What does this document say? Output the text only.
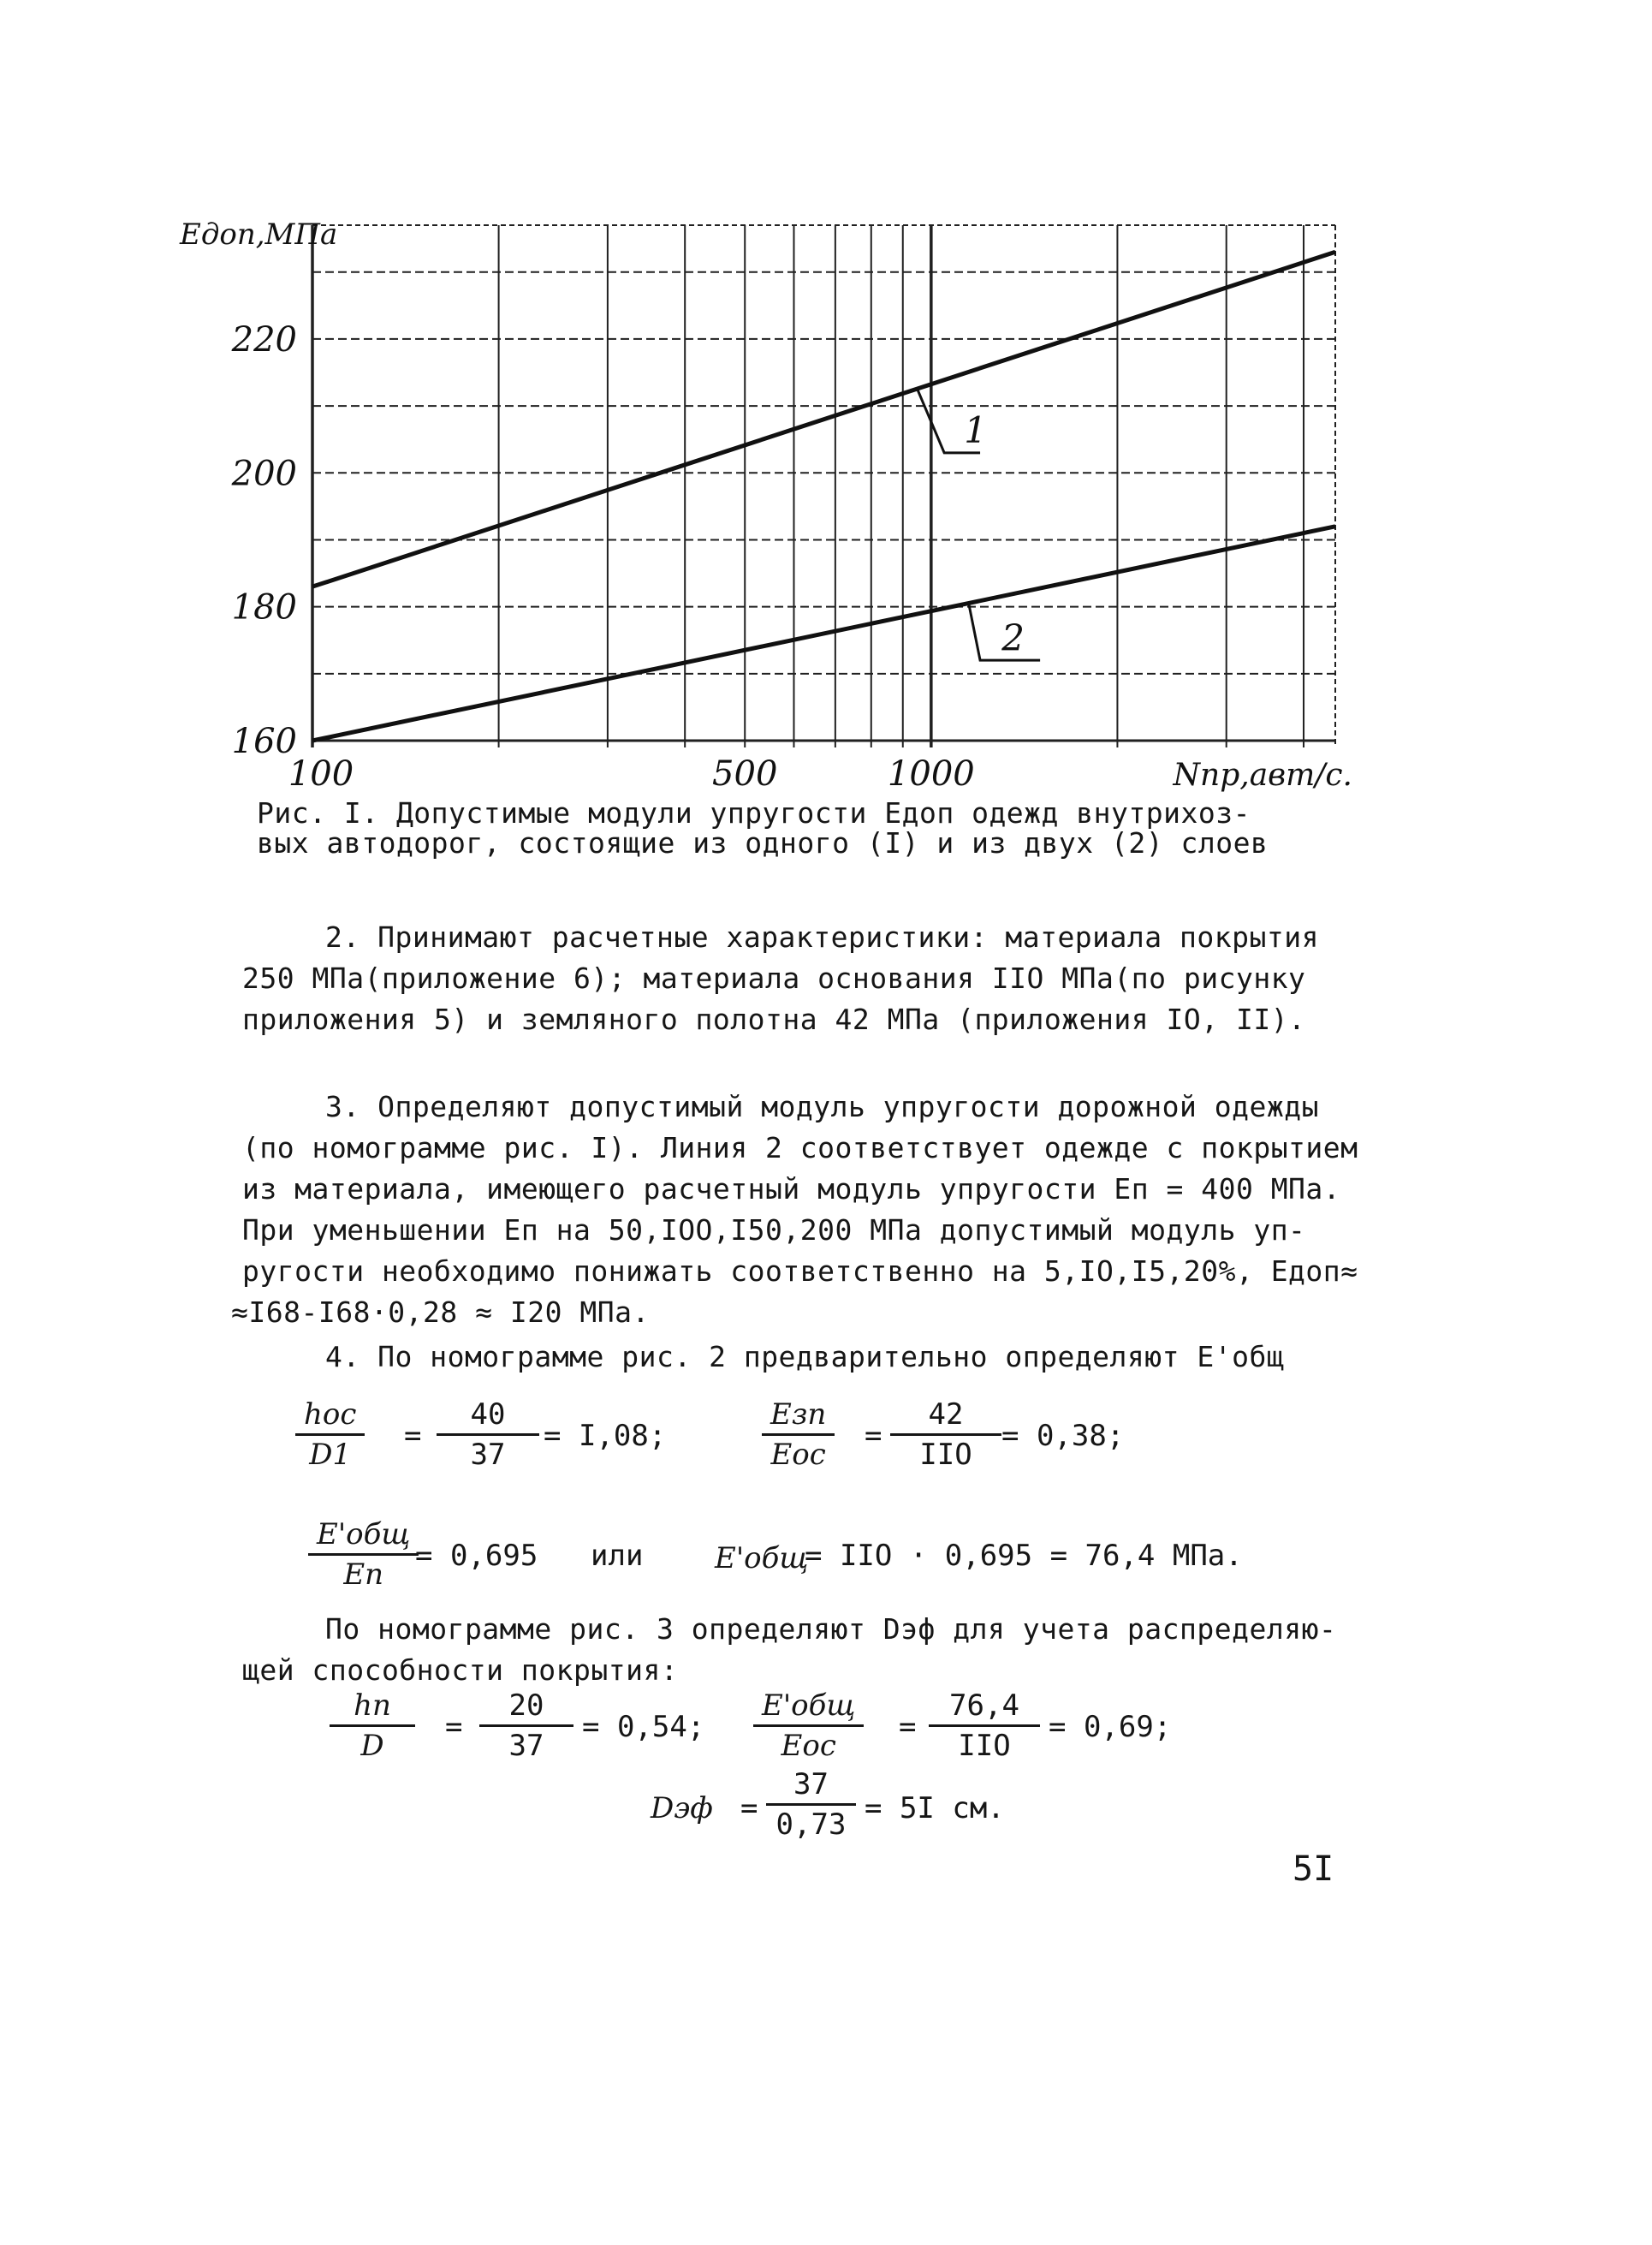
1
2
160
180
200
220
100	500	1000
Eдоп,МПа
Nпр,авт/с.
Рис. I. Допустимые модули упругости Eдоп одежд внутрихоз-
вых автодорог, состоящие из одного (I) и из двух (2) слоев
2. Принимают расчетные характеристики: материала покрытия
250 МПа(приложение 6); материала основания IIO МПа(по рисунку
приложения 5) и земляного полотна 42 МПа (приложения IO, II).
3. Определяют допустимый модуль упругости дорожной одежды
(по номограмме рис. I). Линия 2 соответствует одежде с покрытием
из материала, имеющего расчетный модуль упругости Eп = 400 МПа.
При уменьшении Eп на 50,IOO,I50,200 МПа допустимый модуль уп-
ругости необходимо понижать соответственно на 5,IO,I5,20%, Eдоп≈
≈I68-I68·0,28 ≈ I20 МПа.
4. По номограмме рис. 2 предварительно определяют E'общ
hос
D1
=
40
37
= I,08;
Eзп
Eос
=
42
IIO
= 0,38;
E'общ
Eп
= 0,695 или E'общ
= IIO · 0,695 = 76,4 МПа.
По номограмме рис. 3 определяют Dэф для учета распределяю-
щей способности покрытия:
hп
D
=
20
37
= 0,54;
E'общ
Eос
=
76,4
IIO
= 0,69;
Dэф =
37
0,73 = 5I см.
5I
